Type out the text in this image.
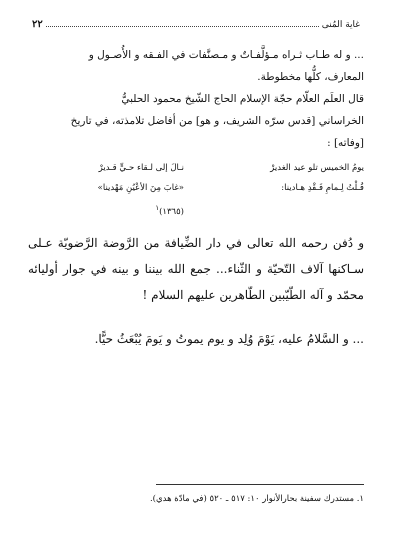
غاية المُنى
٢٢

... و له طـاب ثـراه مـؤلَّفـاتٌ و مـصنَّفات في الفـقه و الأُصـول و

المعارف، كلُّها مخطوطة.

قال العلَم العلّام حجّة الإسلام الحاج الشّيخ محمود الحلبيُّ

الخراساني [قدس سرّه الشريف، و هو] من أفاضل تلامذته، في تاريخ

[وفاته] :

يومُ الخميس تلو عيد الغديرْ
نـالَ إلى لـقاء حـيٍّ قـديرْ
قُـلْتُ لِـمامِ فَـقْدِ هـادينا:
«غابَ مِنَ الأعْيُنِ مَهْدينا»
(١٣٦٥)$^١$

و دُفن رحمه الله تعالى في دار الضِّيافة من الرَّوضة الرَّضويّة عـلى سـاكنها آلاف التّحيّة و الثّناء... جمع الله بيننا و بينه في جوار أوليائه محمّد و آله الطّيّبين الطّاهرين عليهم السلام !

... و السَّلامُ عليه، يَوْمَ وُلِد و يوم يموتُ و يَومَ يُبْعَثُ حيًّا.

١. مستدرك سفينة بحارالأنوار ١٠: ٥١٧ ـ ٥٢٠ (في مادّة هدي).
